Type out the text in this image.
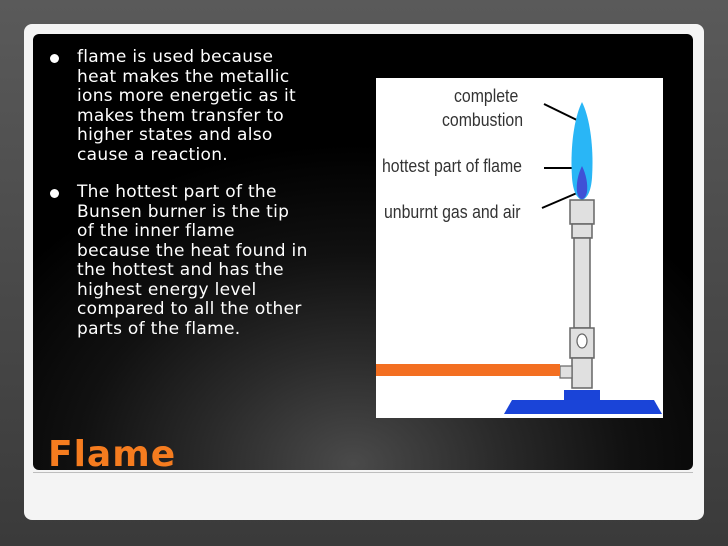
flame is used because
heat makes the metallic
ions more energetic as it
makes them transfer to
higher states and also
cause a reaction.
The hottest part of the
Bunsen burner is the tip
of the inner flame
because the heat found in
the hottest and has the
highest energy level
compared to all the other
parts of the flame.
Flame
complete
combustion
hottest part of flame
unburnt gas and air
